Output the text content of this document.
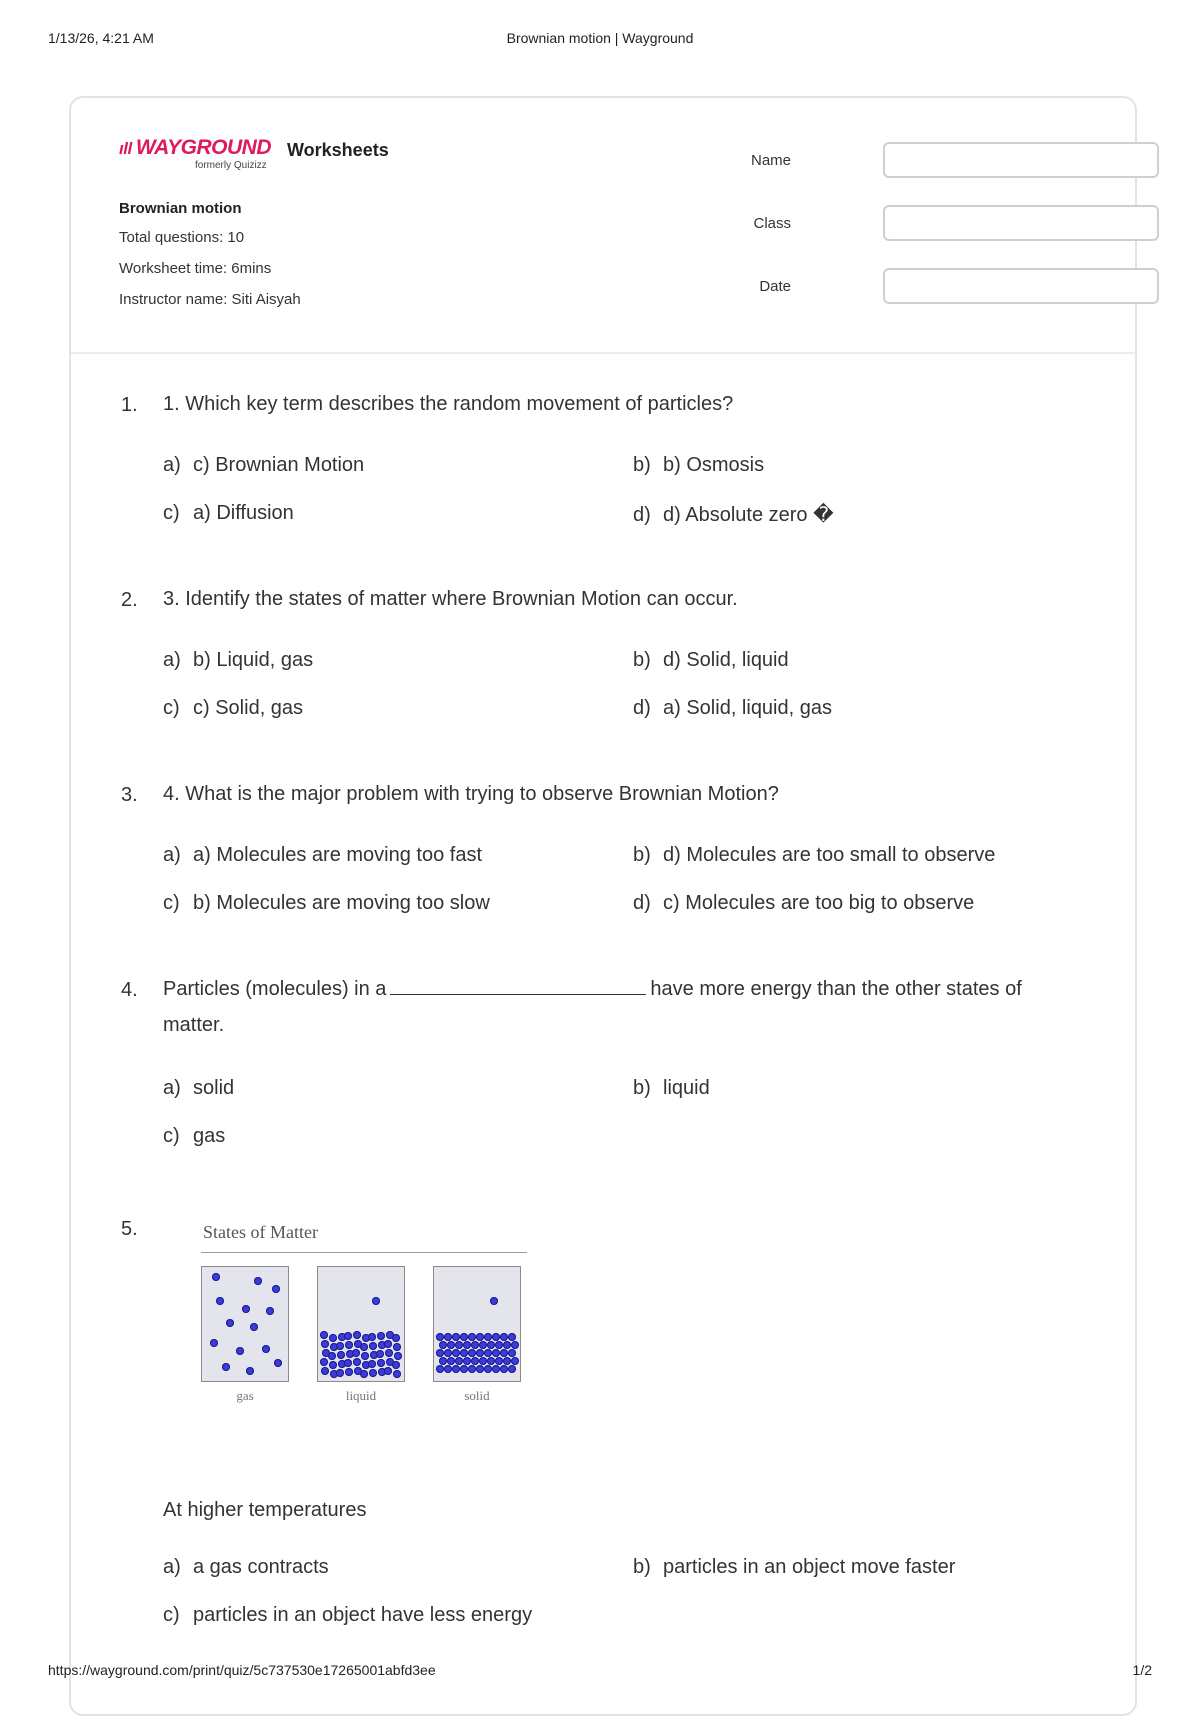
1/13/26, 4:21 AM	Brownian motion | Wayground
ıll WAYGROUND
formerly Quizizz
Worksheets
Brownian motion
Total questions: 10
Worksheet time: 6mins
Instructor name: Siti Aisyah
Name
Class
Date
1. 1. Which key term describes the random movement of particles?
a) c) Brownian Motion	b) b) Osmosis
c) a) Diffusion	d) d) Absolute zero �
2. 3. Identify the states of matter where Brownian Motion can occur.
a) b) Liquid, gas	b) d) Solid, liquid
c) c) Solid, gas	d) a) Solid, liquid, gas
3. 4. What is the major problem with trying to observe Brownian Motion?
a) a) Molecules are moving too fast	b) d) Molecules are too small to observe
c) b) Molecules are moving too slow	d) c) Molecules are too big to observe
4. Particles (molecules) in a	have more energy than the other states of
matter.
a) solid	b) liquid
c) gas
5.	States of Matter
gas	liquid	solid
At higher temperatures
a) a gas contracts	b) particles in an object move faster
c) particles in an object have less energy
https://wayground.com/print/quiz/5c737530e17265001abfd3ee	1/2
